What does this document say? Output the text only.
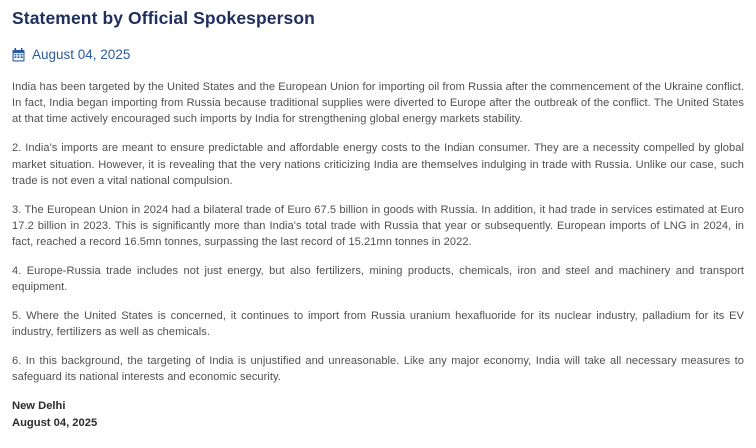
Statement by Official Spokesperson
August 04, 2025

India has been targeted by the United States and the European Union for importing oil from Russia after the commencement of the Ukraine conflict. In fact, India began importing from Russia because traditional supplies were diverted to Europe after the outbreak of the conflict. The United States at that time actively encouraged such imports by India for strengthening global energy markets stability.

2. India's imports are meant to ensure predictable and affordable energy costs to the Indian consumer. They are a necessity compelled by global market situation. However, it is revealing that the very nations criticizing India are themselves indulging in trade with Russia. Unlike our case, such trade is not even a vital national compulsion.

3. The European Union in 2024 had a bilateral trade of Euro 67.5 billion in goods with Russia. In addition, it had trade in services estimated at Euro 17.2 billion in 2023. This is significantly more than India's total trade with Russia that year or subsequently. European imports of LNG in 2024, in fact, reached a record 16.5mn tonnes, surpassing the last record of 15.21mn tonnes in 2022.

4. Europe-Russia trade includes not just energy, but also fertilizers, mining products, chemicals, iron and steel and machinery and transport equipment.

5. Where the United States is concerned, it continues to import from Russia uranium hexafluoride for its nuclear industry, palladium for its EV industry, fertilizers as well as chemicals.

6. In this background, the targeting of India is unjustified and unreasonable. Like any major economy, India will take all necessary measures to safeguard its national interests and economic security.

New Delhi
August 04, 2025
